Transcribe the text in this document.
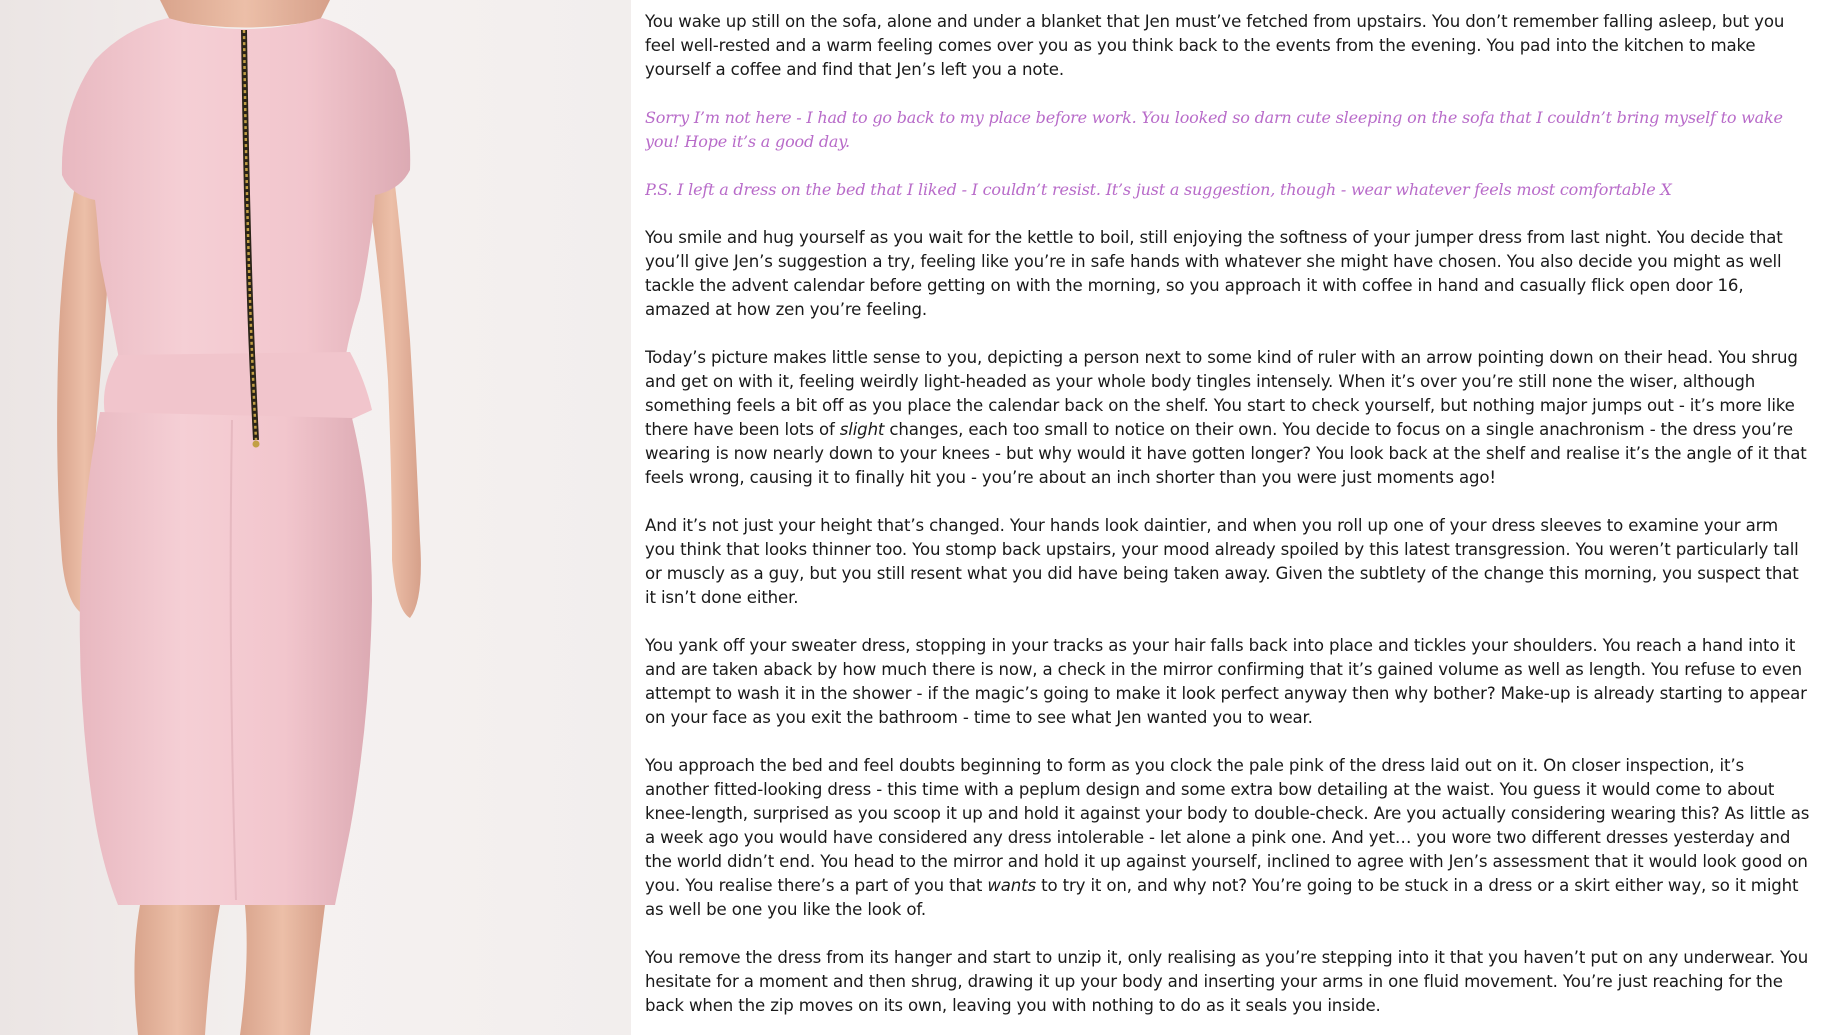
You wake up still on the sofa, alone and under a blanket that Jen must’ve fetched from upstairs. You don’t remember falling asleep, but you feel well-rested and a warm feeling comes over you as you think back to the events from the evening. You pad into the kitchen to make yourself a coffee and find that Jen’s left you a note.

Sorry I’m not here - I had to go back to my place before work. You looked so darn cute sleeping on the sofa that I couldn’t bring myself to wake you! Hope it’s a good day.

P.S. I left a dress on the bed that I liked - I couldn’t resist. It’s just a suggestion, though - wear whatever feels most comfortable X

You smile and hug yourself as you wait for the kettle to boil, still enjoying the softness of your jumper dress from last night. You decide that you’ll give Jen’s suggestion a try, feeling like you’re in safe hands with whatever she might have chosen. You also decide you might as well tackle the advent calendar before getting on with the morning, so you approach it with coffee in hand and casually flick open door 16, amazed at how zen you’re feeling.

Today’s picture makes little sense to you, depicting a person next to some kind of ruler with an arrow pointing down on their head. You shrug and get on with it, feeling weirdly light-headed as your whole body tingles intensely. When it’s over you’re still none the wiser, although something feels a bit off as you place the calendar back on the shelf. You start to check yourself, but nothing major jumps out - it’s more like there have been lots of slight changes, each too small to notice on their own. You decide to focus on a single anachronism - the dress you’re wearing is now nearly down to your knees - but why would it have gotten longer? You look back at the shelf and realise it’s the angle of it that feels wrong, causing it to finally hit you - you’re about an inch shorter than you were just moments ago!

And it’s not just your height that’s changed. Your hands look daintier, and when you roll up one of your dress sleeves to examine your arm you think that looks thinner too. You stomp back upstairs, your mood already spoiled by this latest transgression. You weren’t particularly tall or muscly as a guy, but you still resent what you did have being taken away. Given the subtlety of the change this morning, you suspect that it isn’t done either.

You yank off your sweater dress, stopping in your tracks as your hair falls back into place and tickles your shoulders. You reach a hand into it and are taken aback by how much there is now, a check in the mirror confirming that it’s gained volume as well as length. You refuse to even attempt to wash it in the shower - if the magic’s going to make it look perfect anyway then why bother? Make-up is already starting to appear on your face as you exit the bathroom - time to see what Jen wanted you to wear.

You approach the bed and feel doubts beginning to form as you clock the pale pink of the dress laid out on it. On closer inspection, it’s another fitted-looking dress - this time with a peplum design and some extra bow detailing at the waist. You guess it would come to about knee-length, surprised as you scoop it up and hold it against your body to double-check. Are you actually considering wearing this? As little as a week ago you would have considered any dress intolerable - let alone a pink one. And yet… you wore two different dresses yesterday and the world didn’t end. You head to the mirror and hold it up against yourself, inclined to agree with Jen’s assessment that it would look good on you. You realise there’s a part of you that wants to try it on, and why not? You’re going to be stuck in a dress or a skirt either way, so it might as well be one you like the look of.

You remove the dress from its hanger and start to unzip it, only realising as you’re stepping into it that you haven’t put on any underwear. You hesitate for a moment and then shrug, drawing it up your body and inserting your arms in one fluid movement. You’re just reaching for the back when the zip moves on its own, leaving you with nothing to do as it seals you inside.
